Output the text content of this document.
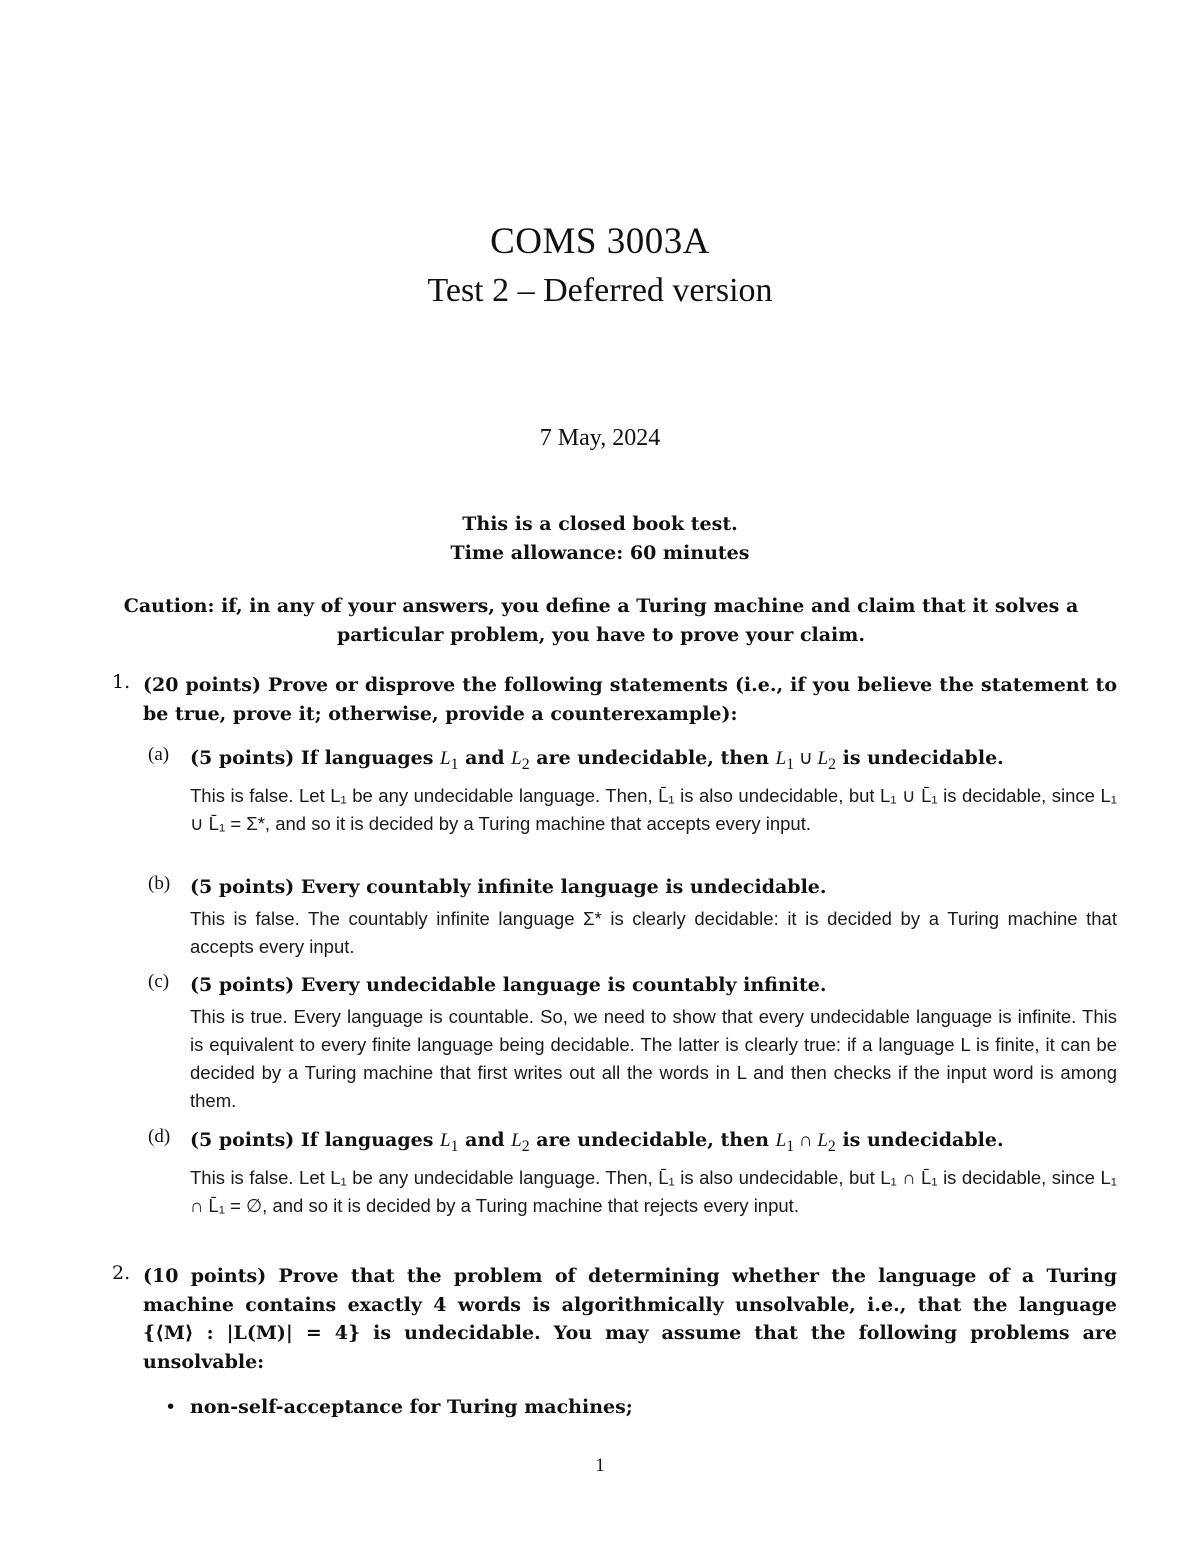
COMS 3003A
Test 2 – Deferred version
7 May, 2024
This is a closed book test.
Time allowance: 60 minutes
Caution: if, in any of your answers, you define a Turing machine and claim that it solves a particular problem, you have to prove your claim.
1. (20 points) Prove or disprove the following statements (i.e., if you believe the statement to be true, prove it; otherwise, provide a counterexample):
(a) (5 points) If languages $L_1$ and $L_2$ are undecidable, then $L_1$ ∪ $L_2$ is undecidable.
This is false. Let L₁ be any undecidable language. Then, L̄₁ is also undecidable, but L₁ ∪ L̄₁ is decidable, since L₁ ∪ L̄₁ = Σ*, and so it is decided by a Turing machine that accepts every input.
(b) (5 points) Every countably infinite language is undecidable.
This is false. The countably infinite language Σ* is clearly decidable: it is decided by a Turing machine that accepts every input.
(c) (5 points) Every undecidable language is countably infinite.
This is true. Every language is countable. So, we need to show that every undecidable language is infinite. This is equivalent to every finite language being decidable. The latter is clearly true: if a language L is finite, it can be decided by a Turing machine that first writes out all the words in L and then checks if the input word is among them.
(d) (5 points) If languages $L_1$ and $L_2$ are undecidable, then $L_1$ ∩ $L_2$ is undecidable.
This is false. Let L₁ be any undecidable language. Then, L̄₁ is also undecidable, but L₁ ∩ L̄₁ is decidable, since L₁ ∩ L̄₁ = ∅, and so it is decided by a Turing machine that rejects every input.
2. (10 points) Prove that the problem of determining whether the language of a Turing machine contains exactly 4 words is algorithmically unsolvable, i.e., that the language {⟨M⟩ : |L(M)| = 4} is undecidable. You may assume that the following problems are unsolvable:
• non-self-acceptance for Turing machines;
1
